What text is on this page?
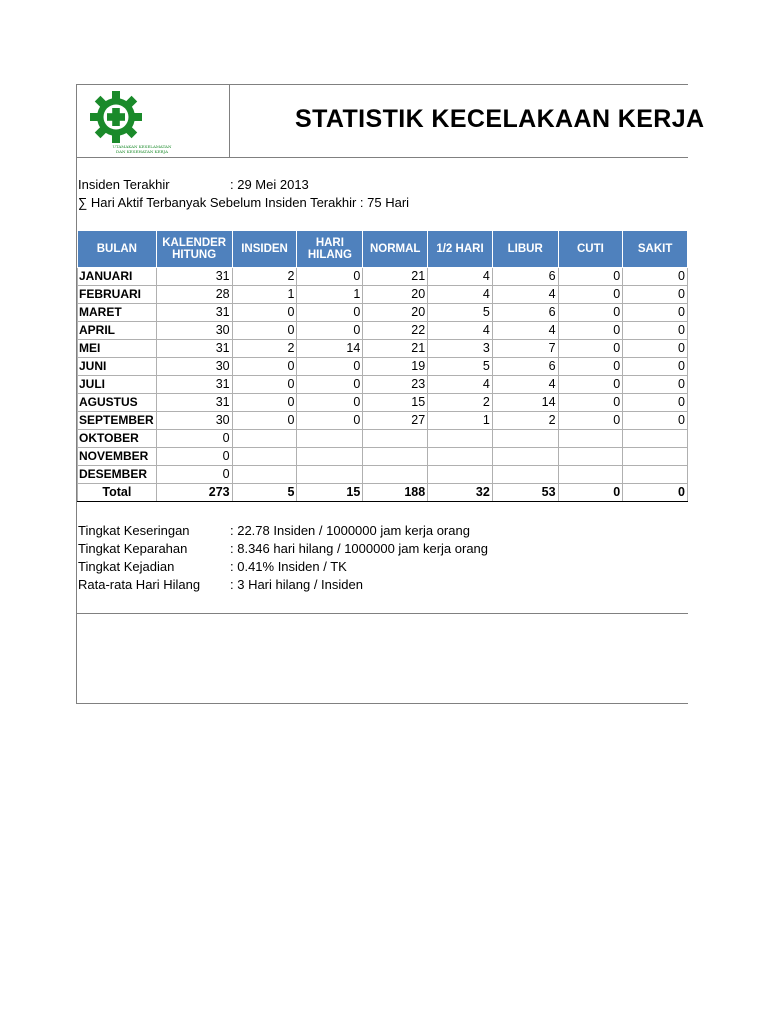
UTAMAKAN KESELAMATAN
DAN KESEHATAN KERJA
STATISTIK KECELAKAAN KERJA
Insiden Terakhir	: 29 Mei 2013
∑ Hari Aktif Terbanyak Sebelum Insiden Terakhir : 75 Hari
BULAN	KALENDER HITUNG	INSIDEN	HARI HILANG	NORMAL	1/2 HARI	LIBUR	CUTI	SAKIT
JANUARI	31	2	0	21	4	6	0	0
FEBRUARI	28	1	1	20	4	4	0	0
MARET	31	0	0	20	5	6	0	0
APRIL	30	0	0	22	4	4	0	0
MEI	31	2	14	21	3	7	0	0
JUNI	30	0	0	19	5	6	0	0
JULI	31	0	0	23	4	4	0	0
AGUSTUS	31	0	0	15	2	14	0	0
SEPTEMBER	30	0	0	27	1	2	0	0
OKTOBER	0							
NOVEMBER	0							
DESEMBER	0							
Total	273	5	15	188	32	53	0	0
Tingkat Keseringan	: 22.78 Insiden / 1000000 jam kerja orang
Tingkat Keparahan	: 8.346 hari hilang / 1000000 jam kerja orang
Tingkat Kejadian	: 0.41% Insiden / TK
Rata-rata Hari Hilang : 3 Hari hilang / Insiden
